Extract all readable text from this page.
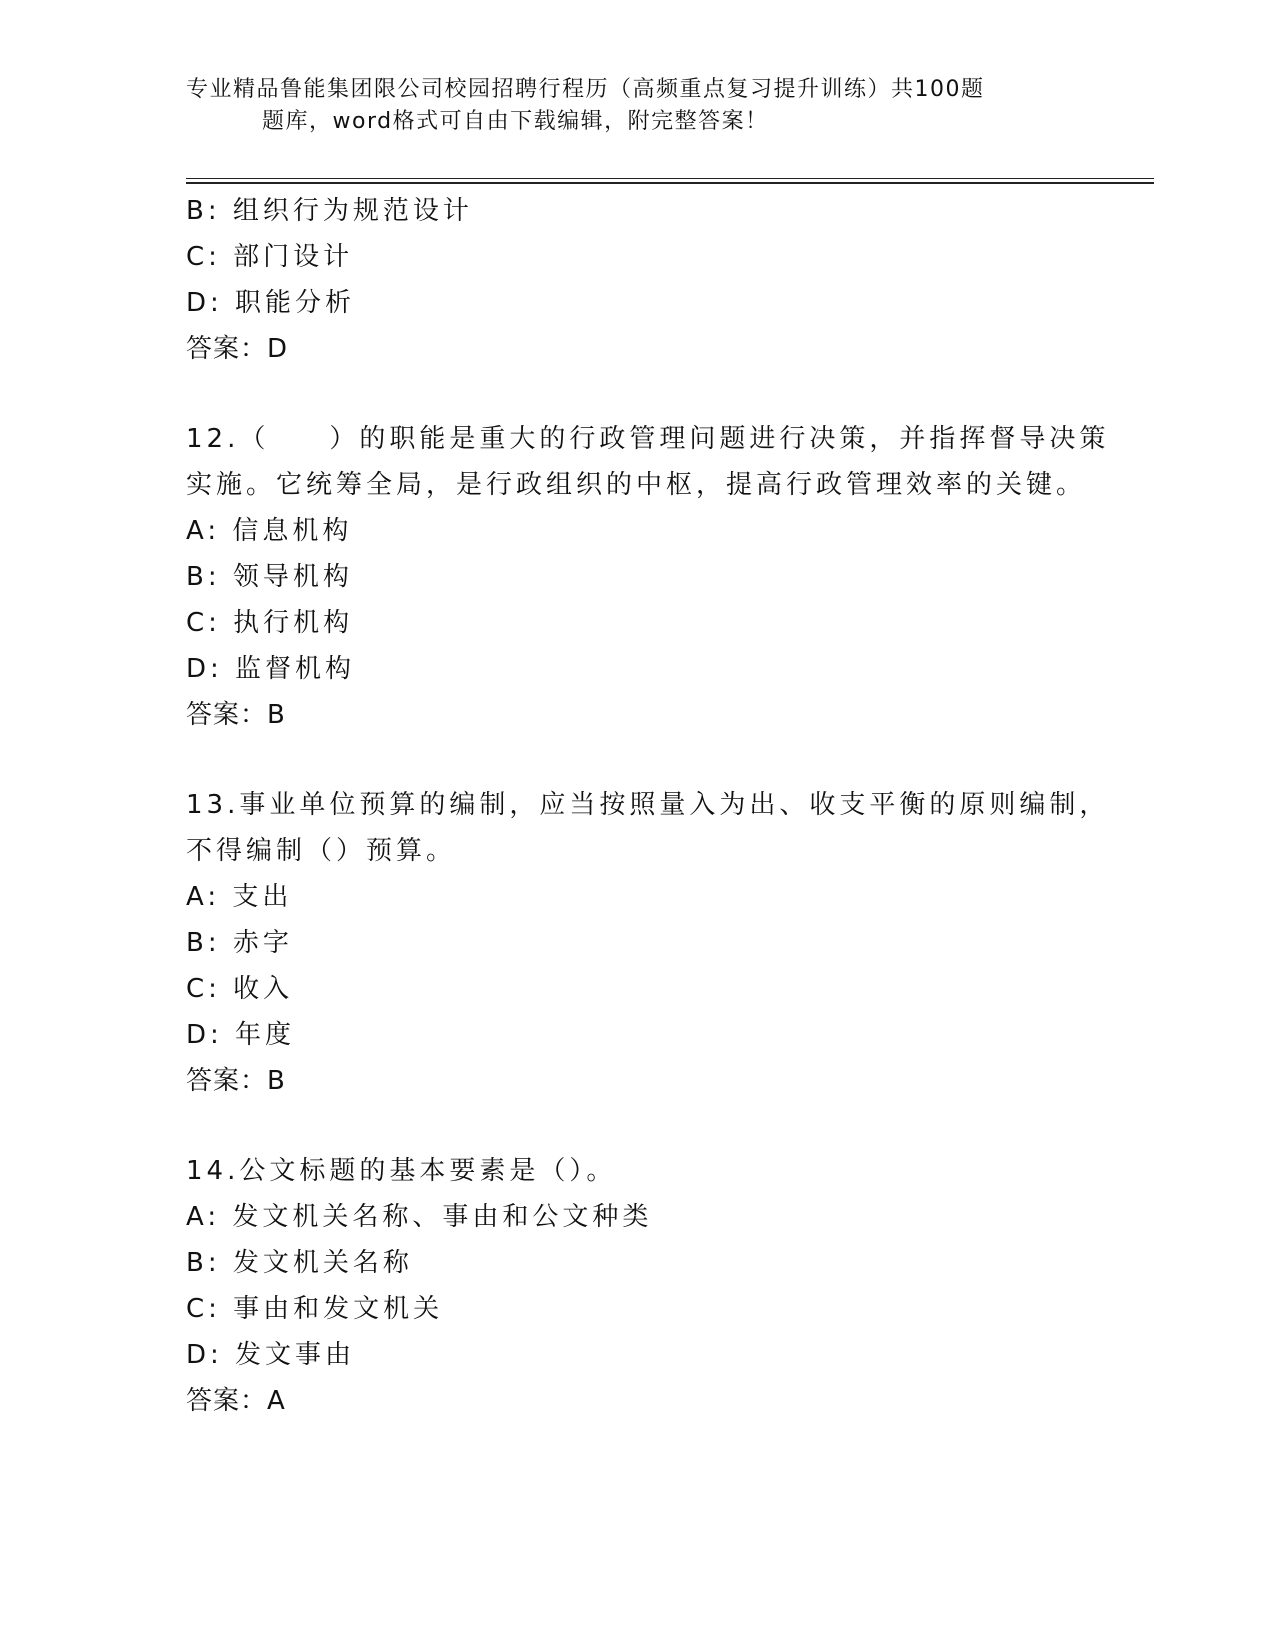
专业精品鲁能集团限公司校园招聘行程历（高频重点复习提升训练）共100题
题库，word格式可自由下载编辑，附完整答案！
B: 组织行为规范设计
C: 部门设计
D: 职能分析
答案：D
12.（　　）的职能是重大的行政管理问题进行决策，并指挥督导决策
实施。它统筹全局，是行政组织的中枢，提高行政管理效率的关键。
A: 信息机构
B: 领导机构
C: 执行机构
D: 监督机构
答案：B
13.事业单位预算的编制，应当按照量入为出、收支平衡的原则编制，
不得编制（）预算。
A: 支出
B: 赤字
C: 收入
D: 年度
答案：B
14.公文标题的基本要素是（）。
A: 发文机关名称、事由和公文种类
B: 发文机关名称
C: 事由和发文机关
D: 发文事由
答案：A
